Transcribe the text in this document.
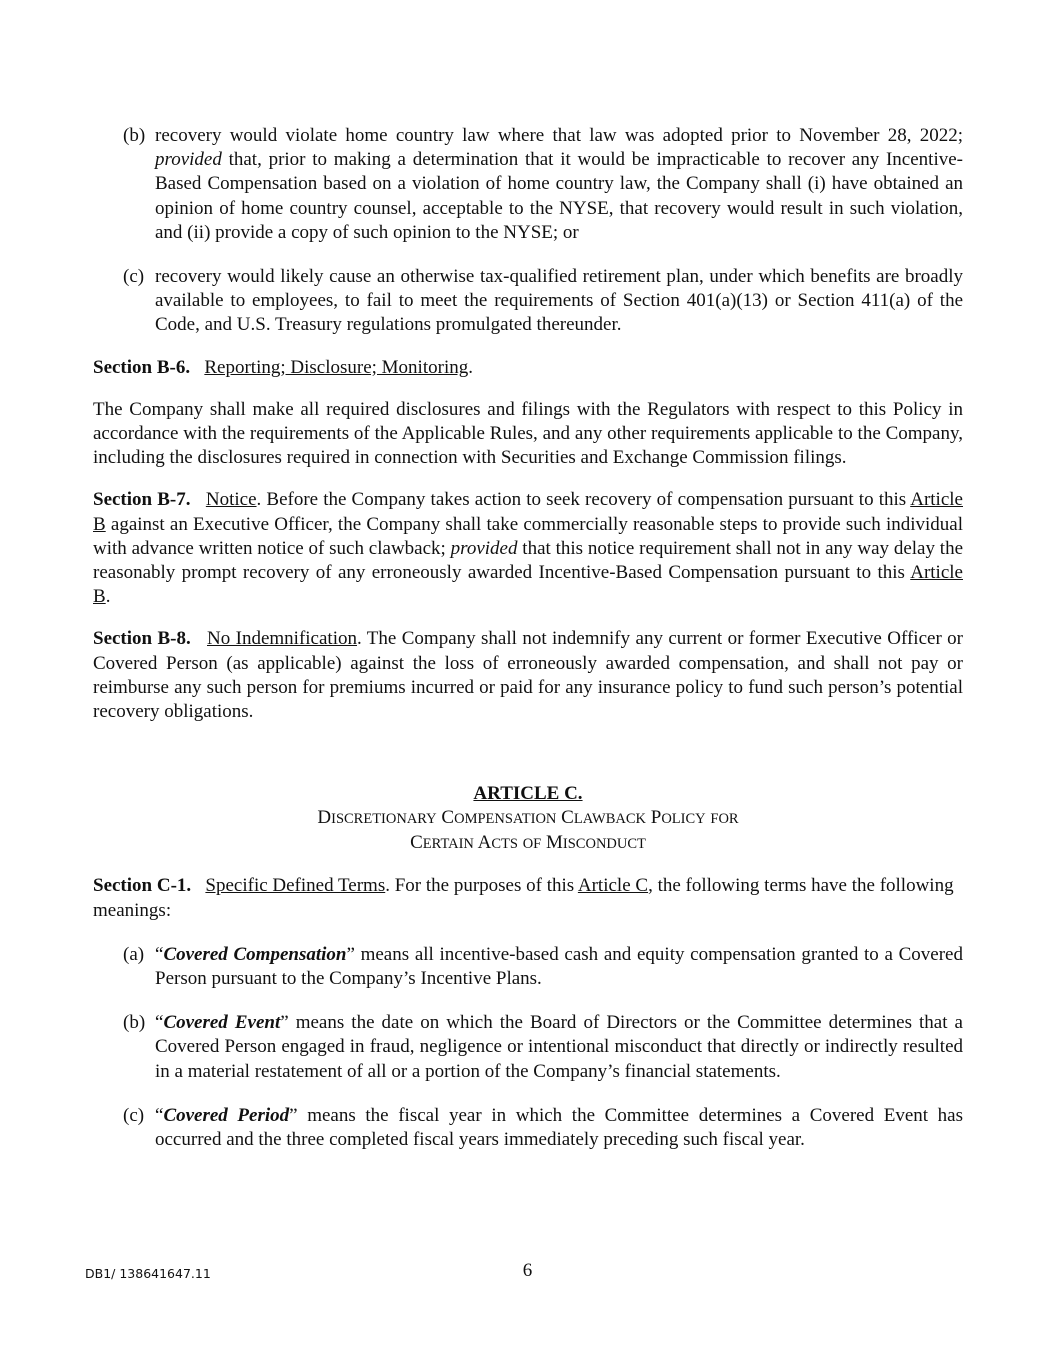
(b) recovery would violate home country law where that law was adopted prior to November 28, 2022; provided that, prior to making a determination that it would be impracticable to recover any Incentive-Based Compensation based on a violation of home country law, the Company shall (i) have obtained an opinion of home country counsel, acceptable to the NYSE, that recovery would result in such violation, and (ii) provide a copy of such opinion to the NYSE; or
(c) recovery would likely cause an otherwise tax-qualified retirement plan, under which benefits are broadly available to employees, to fail to meet the requirements of Section 401(a)(13) or Section 411(a) of the Code, and U.S. Treasury regulations promulgated thereunder.

Section B-6. Reporting; Disclosure; Monitoring.

The Company shall make all required disclosures and filings with the Regulators with respect to this Policy in accordance with the requirements of the Applicable Rules, and any other requirements applicable to the Company, including the disclosures required in connection with Securities and Exchange Commission filings.

Section B-7. Notice. Before the Company takes action to seek recovery of compensation pursuant to this Article B against an Executive Officer, the Company shall take commercially reasonable steps to provide such individual with advance written notice of such clawback; provided that this notice requirement shall not in any way delay the reasonably prompt recovery of any erroneously awarded Incentive-Based Compensation pursuant to this Article B.

Section B-8. No Indemnification. The Company shall not indemnify any current or former Executive Officer or Covered Person (as applicable) against the loss of erroneously awarded compensation, and shall not pay or reimburse any such person for premiums incurred or paid for any insurance policy to fund such person’s potential recovery obligations.

ARTICLE C.
DISCRETIONARY COMPENSATION CLAWBACK POLICY FOR
CERTAIN ACTS OF MISCONDUCT

Section C-1. Specific Defined Terms. For the purposes of this Article C, the following terms have the following meanings:

(a) “Covered Compensation” means all incentive-based cash and equity compensation granted to a Covered Person pursuant to the Company’s Incentive Plans.
(b) “Covered Event” means the date on which the Board of Directors or the Committee determines that a Covered Person engaged in fraud, negligence or intentional misconduct that directly or indirectly resulted in a material restatement of all or a portion of the Company’s financial statements.
(c) “Covered Period” means the fiscal year in which the Committee determines a Covered Event has occurred and the three completed fiscal years immediately preceding such fiscal year.
DB1/ 138641647.11	6
